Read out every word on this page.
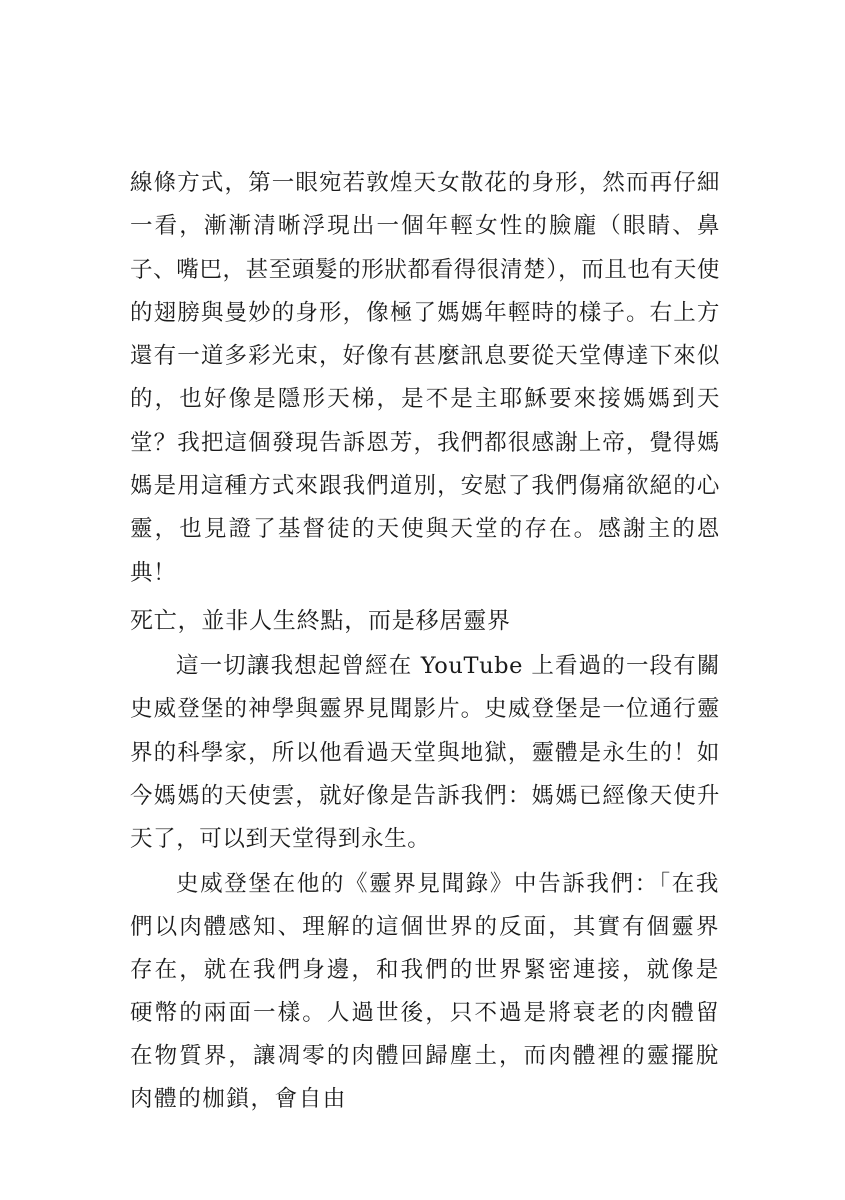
線條方式，第一眼宛若敦煌天女散花的身形，然而再仔細一看，漸漸清晰浮現出一個年輕女性的臉龐（眼睛、鼻子、嘴巴，甚至頭髮的形狀都看得很清楚），而且也有天使的翅膀與曼妙的身形，像極了媽媽年輕時的樣子。右上方還有一道多彩光束，好像有甚麼訊息要從天堂傳達下來似的，也好像是隱形天梯，是不是主耶穌要來接媽媽到天堂？我把這個發現告訴恩芳，我們都很感謝上帝，覺得媽媽是用這種方式來跟我們道別，安慰了我們傷痛欲絕的心靈，也見證了基督徒的天使與天堂的存在。感謝主的恩典！

死亡，並非人生終點，而是移居靈界

這一切讓我想起曾經在 YouTube 上看過的一段有關史威登堡的神學與靈界見聞影片。史威登堡是一位通行靈界的科學家，所以他看過天堂與地獄，靈體是永生的！如今媽媽的天使雲，就好像是告訴我們：媽媽已經像天使升天了，可以到天堂得到永生。

史威登堡在他的《靈界見聞錄》中告訴我們：「在我們以肉體感知、理解的這個世界的反面，其實有個靈界存在，就在我們身邊，和我們的世界緊密連接，就像是硬幣的兩面一樣。人過世後，只不過是將衰老的肉體留在物質界，讓凋零的肉體回歸塵土，而肉體裡的靈擺脫肉體的枷鎖，會自由
